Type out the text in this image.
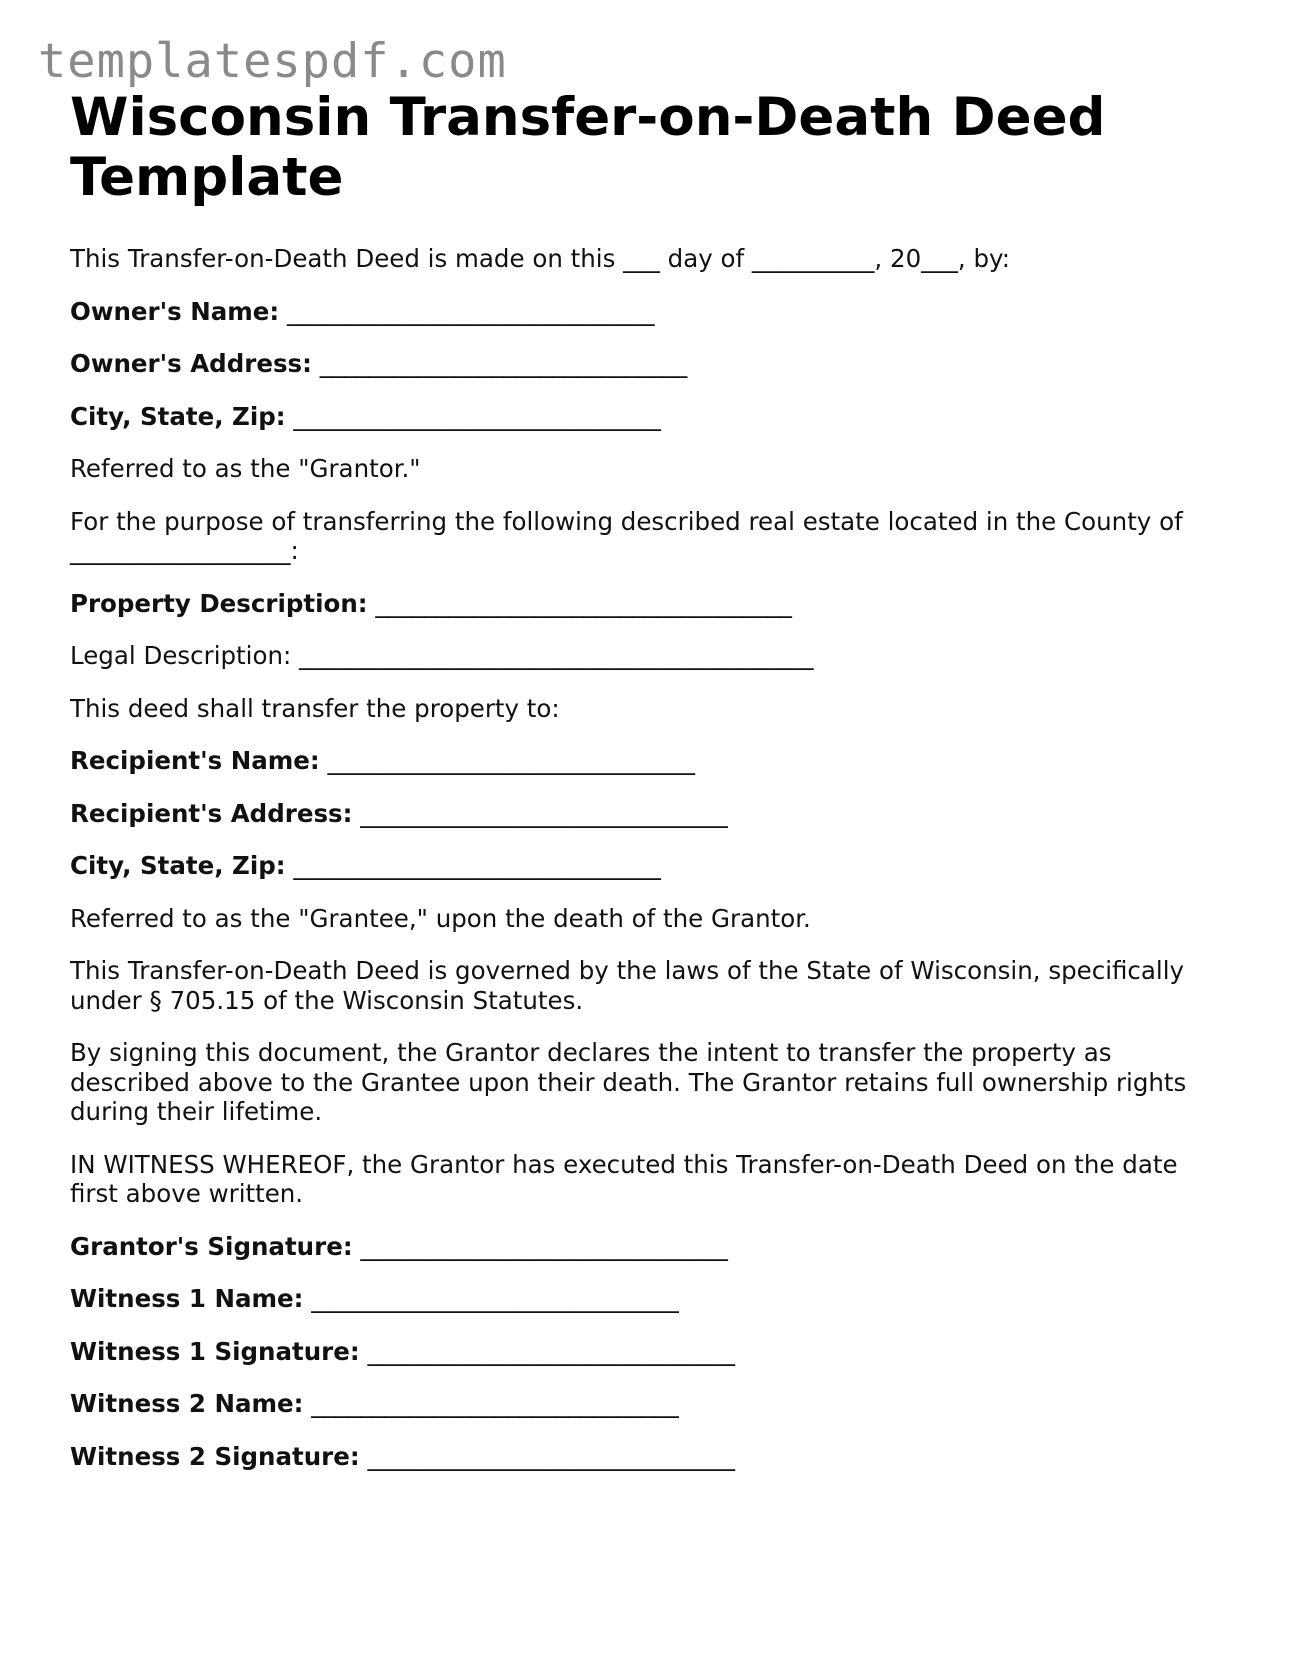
templatespdf.com
Wisconsin Transfer-on-Death Deed Template

This Transfer-on-Death Deed is made on this ___ day of __________, 20___, by:

Owner's Name: ______________________________

Owner's Address: ______________________________

City, State, Zip: ______________________________

Referred to as the "Grantor."

For the purpose of transferring the following described real estate located in the County of __________________:

Property Description: __________________________________

Legal Description: __________________________________________

This deed shall transfer the property to:

Recipient's Name: ______________________________

Recipient's Address: ______________________________

City, State, Zip: ______________________________

Referred to as the "Grantee," upon the death of the Grantor.

This Transfer-on-Death Deed is governed by the laws of the State of Wisconsin, specifically under § 705.15 of the Wisconsin Statutes.

By signing this document, the Grantor declares the intent to transfer the property as described above to the Grantee upon their death. The Grantor retains full ownership rights during their lifetime.

IN WITNESS WHEREOF, the Grantor has executed this Transfer-on-Death Deed on the date first above written.

Grantor's Signature: ______________________________

Witness 1 Name: ______________________________

Witness 1 Signature: ______________________________

Witness 2 Name: ______________________________

Witness 2 Signature: ______________________________
